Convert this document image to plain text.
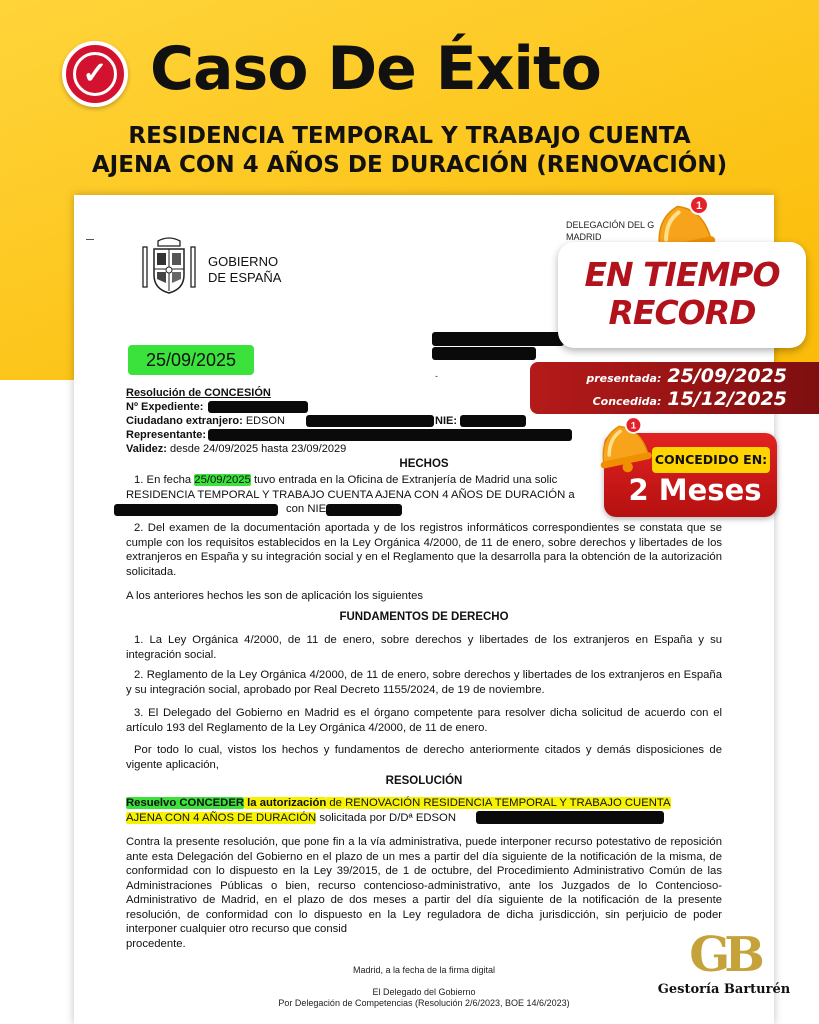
✓ Caso De Éxito
RESIDENCIA TEMPORAL Y TRABAJO CUENTA
AJENA CON 4 AÑOS DE DURACIÓN (RENOVACIÓN)
GOBIERNO
DE ESPAÑA
DELEGACIÓN DEL G
MADRID
25/09/2025
-
Resolución de CONCESIÓN
Nº Expediente:
Ciudadano extranjero: EDSON	NIE:
Representante:
Validez: desde 24/09/2025 hasta 23/09/2029
HECHOS
1. En fecha 25/09/2025 tuvo entrada en la Oficina de Extranjería de Madrid una solic
RESIDENCIA TEMPORAL Y TRABAJO CUENTA AJENA CON 4 AÑOS DE DURACIÓN a
con NIE

2. Del examen de la documentación aportada y de los registros informáticos correspondientes se constata que se cumple con los requisitos establecidos en la Ley Orgánica 4/2000, de 11 de enero, sobre derechos y libertades de los extranjeros en España y su integración social y en el Reglamento que la desarrolla para la obtención de la autorización solicitada.

A los anteriores hechos les son de aplicación los siguientes
FUNDAMENTOS DE DERECHO

1. La Ley Orgánica 4/2000, de 11 de enero, sobre derechos y libertades de los extranjeros en España y su integración social.

2. Reglamento de la Ley Orgánica 4/2000, de 11 de enero, sobre derechos y libertades de los extranjeros en España y su integración social, aprobado por Real Decreto 1155/2024, de 19 de noviembre.

3. El Delegado del Gobierno en Madrid es el órgano competente para resolver dicha solicitud de acuerdo con el artículo 193 del Reglamento de la Ley Orgánica 4/2000, de 11 de enero.

Por todo lo cual, vistos los hechos y fundamentos de derecho anteriormente citados y demás disposiciones de vigente aplicación,

RESOLUCIÓN
Resuelvo CONCEDER la autorización de RENOVACIÓN RESIDENCIA TEMPORAL Y TRABAJO CUENTA
AJENA CON 4 AÑOS DE DURACIÓN solicitada por D/Dª EDSON
Contra la presente resolución, que pone fin a la vía administrativa, puede interponer recurso potestativo de reposición ante esta Delegación del Gobierno en el plazo de un mes a partir del día siguiente de la notificación de la misma, de conformidad con lo dispuesto en la Ley 39/2015, de 1 de octubre, del Procedimiento Administrativo Común de las Administraciones Públicas o bien, recurso contencioso-administrativo, ante los Juzgados de lo Contencioso-Administrativo de Madrid, en el plazo de dos meses a partir del día siguiente de la notificación de la presente resolución, de conformidad con lo dispuesto en la Ley reguladora de dicha jurisdicción, sin perjuicio de poder interponer cualquier otro recurso que consid
procedente.
Madrid, a la fecha de la firma digital
El Delegado del Gobierno
Por Delegación de Competencias (Resolución 2/6/2023, BOE 14/6/2023)
1
EN TIEMPO
RECORD
presentada: 25/09/2025
Concedida: 15/12/2025
CONCEDIDO EN:
2 Meses
1
GB
Gestoría Barturén
